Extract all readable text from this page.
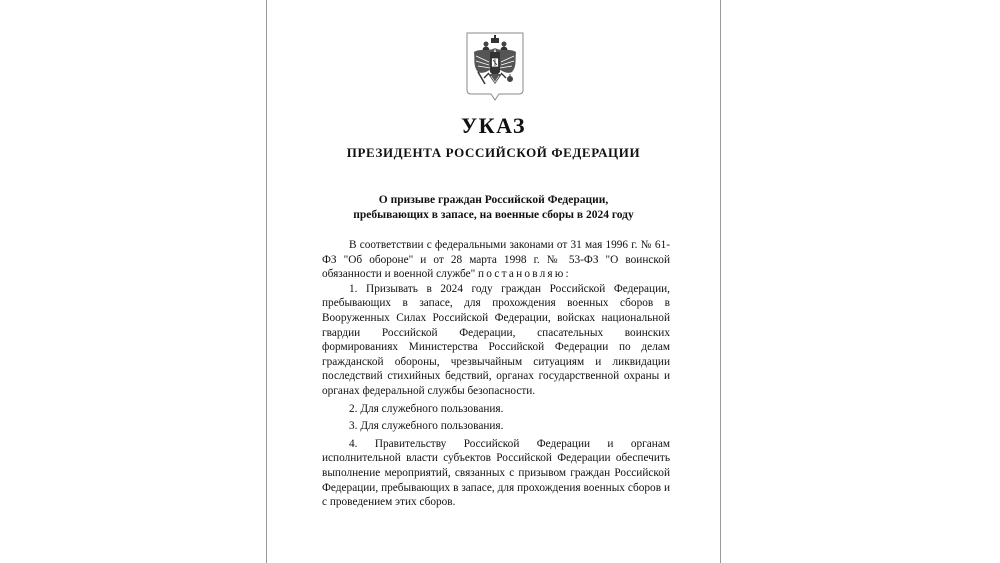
УКАЗ
ПРЕЗИДЕНТА РОССИЙСКОЙ ФЕДЕРАЦИИ
О призыве граждан Российской Федерации,
пребывающих в запасе, на военные сборы в 2024 году

В соответствии с федеральными законами от 31 мая 1996 г. № 61-ФЗ "Об обороне" и от 28 марта 1998 г. № 53-ФЗ "О воинской обязанности и военной службе" постановляю:

1. Призывать в 2024 году граждан Российской Федерации, пребывающих в запасе, для прохождения военных сборов в Вооруженных Силах Российской Федерации, войсках национальной гвардии Российской Федерации, спасательных воинских формированиях Министерства Российской Федерации по делам гражданской обороны, чрезвычайным ситуациям и ликвидации последствий стихийных бедствий, органах государственной охраны и органах федеральной службы безопасности.

2. Для служебного пользования.

3. Для служебного пользования.

4. Правительству Российской Федерации и органам исполнительной власти субъектов Российской Федерации обеспечить выполнение мероприятий, связанных с призывом граждан Российской Федерации, пребывающих в запасе, для прохождения военных сборов и с проведением этих сборов.
